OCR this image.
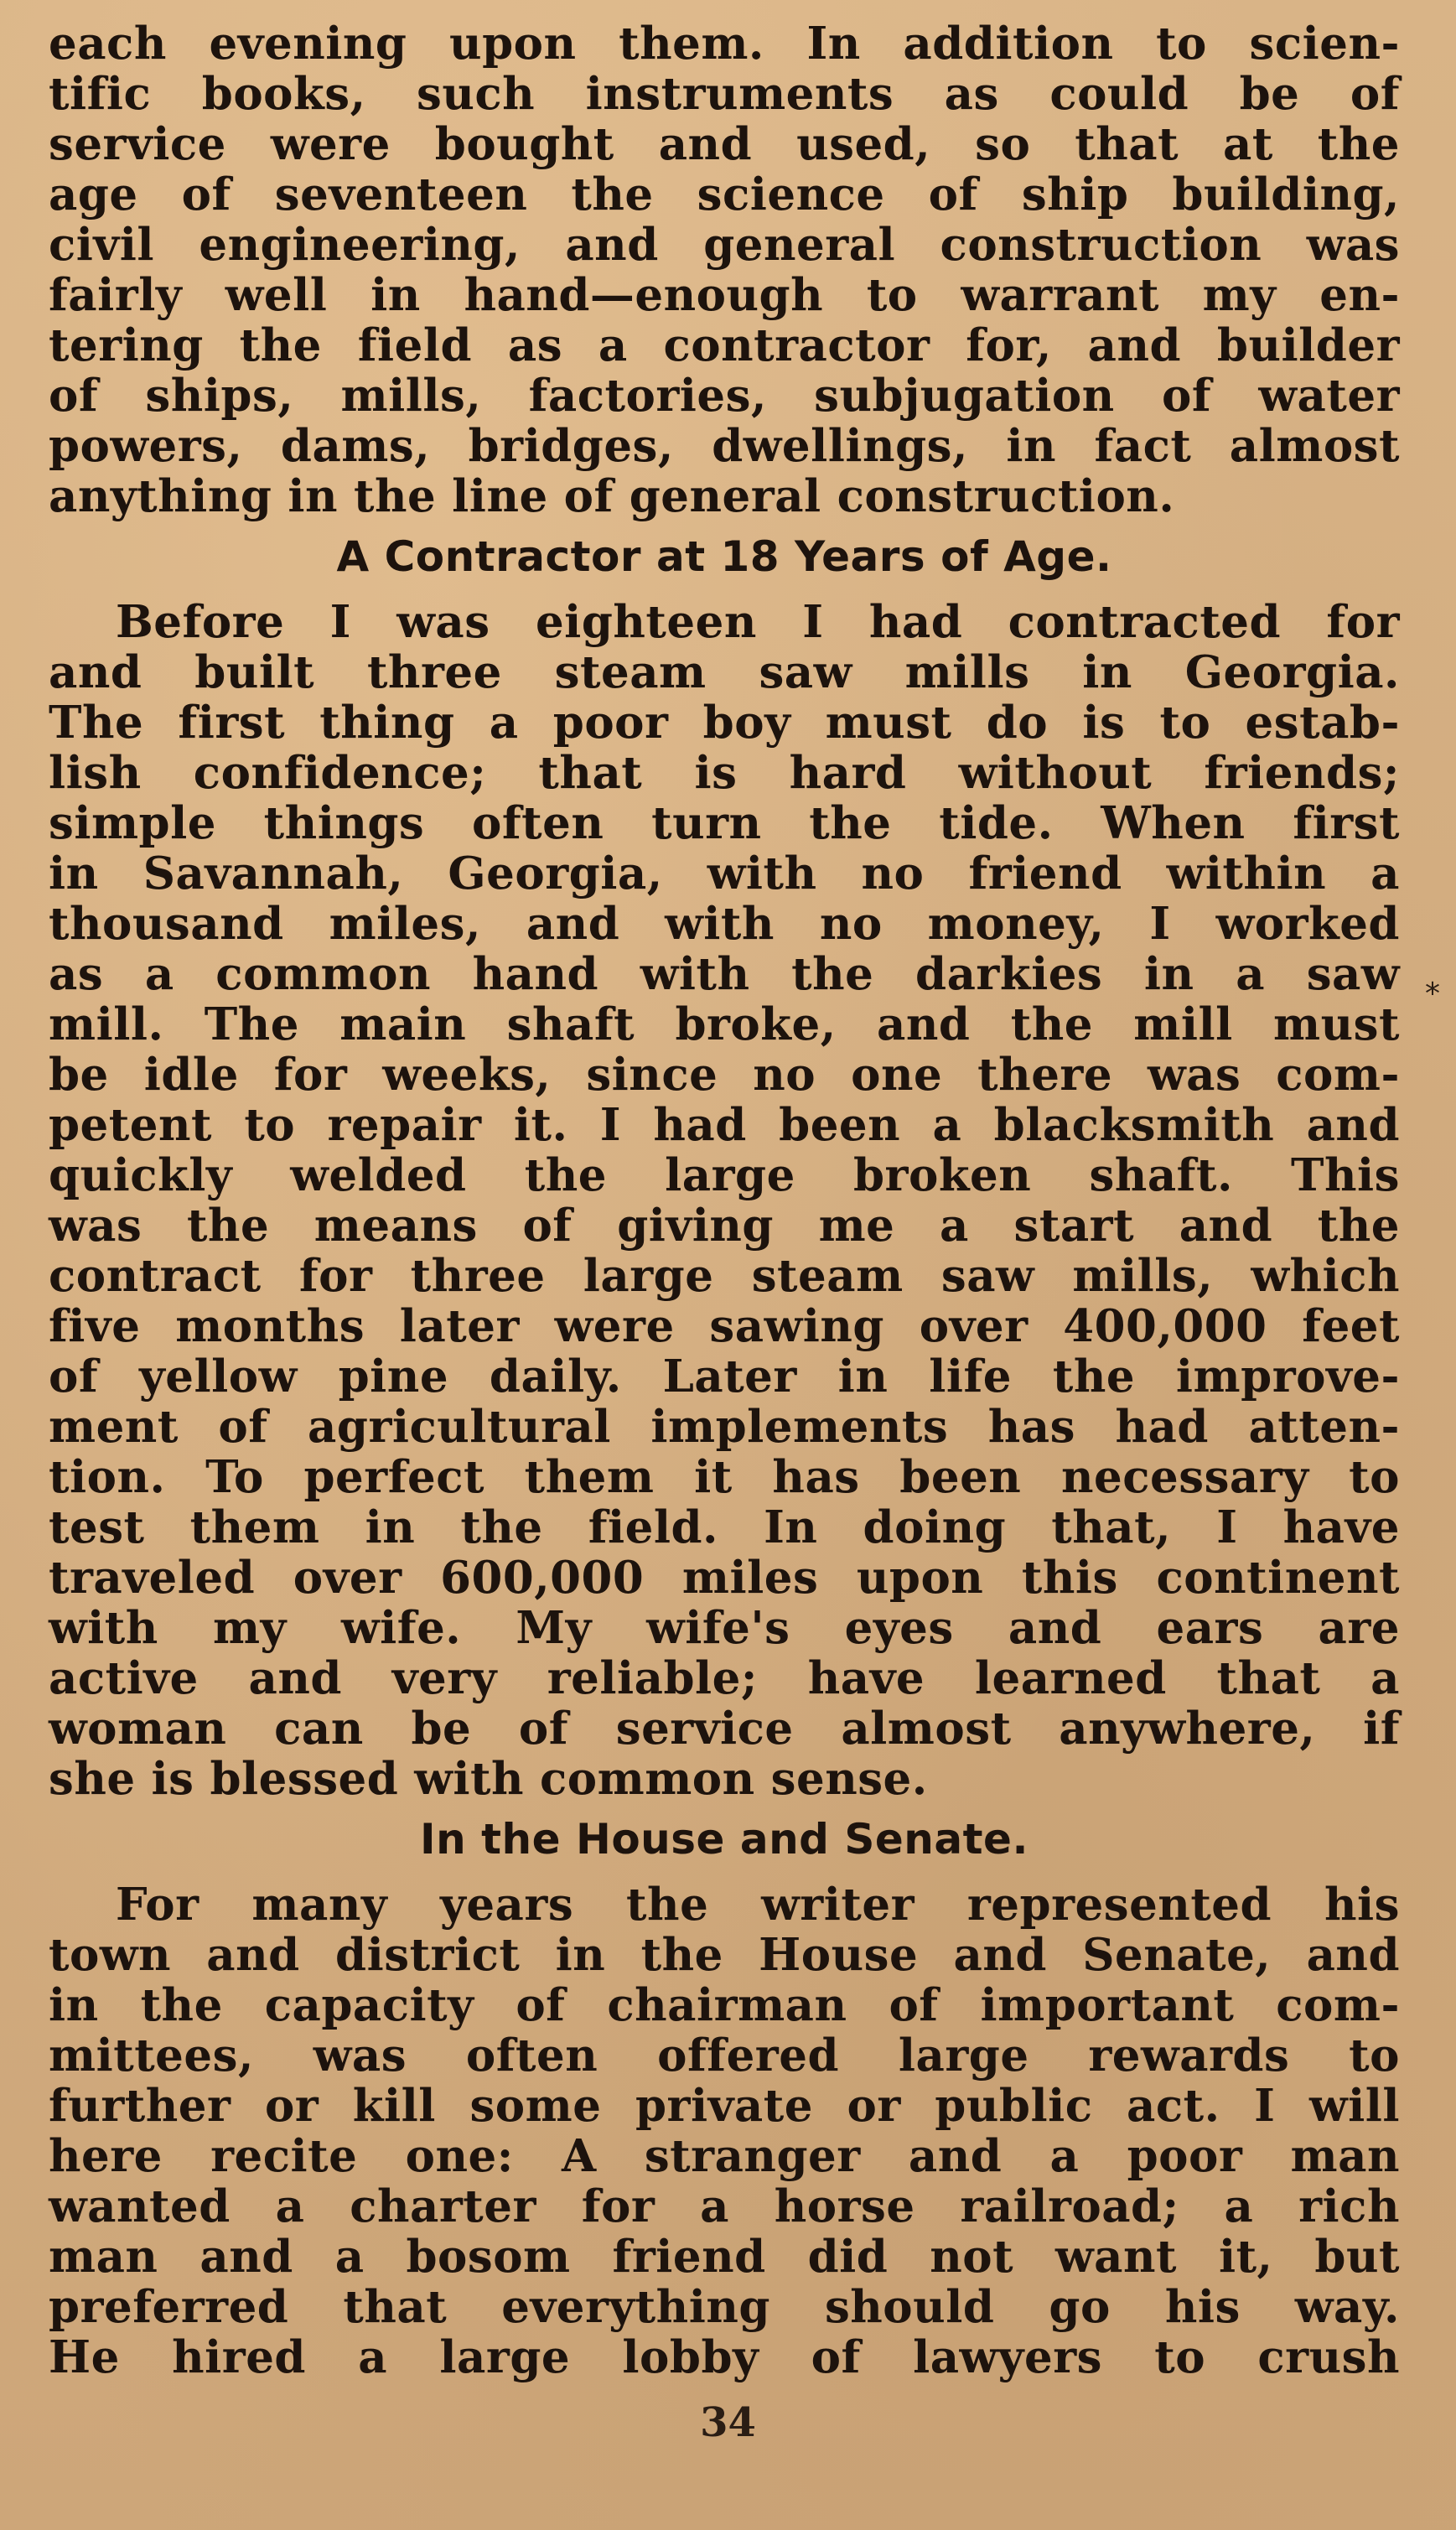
each evening upon them. In addition to scien-
tific books, such instruments as could be of
service were bought and used, so that at the
age of seventeen the science of ship building,
civil engineering, and general construction was
fairly well in hand—enough to warrant my en-
tering the field as a contractor for, and builder
of ships, mills, factories, subjugation of water
powers, dams, bridges, dwellings, in fact almost
anything in the line of general construction.
A Contractor at 18 Years of Age.
Before I was eighteen I had contracted for
and built three steam saw mills in Georgia.
The first thing a poor boy must do is to estab-
lish confidence; that is hard without friends;
simple things often turn the tide. When first
in Savannah, Georgia, with no friend within a
thousand miles, and with no money, I worked
as a common hand with the darkies in a saw
mill. The main shaft broke, and the mill must
be idle for weeks, since no one there was com-
petent to repair it. I had been a blacksmith and
quickly welded the large broken shaft. This
was the means of giving me a start and the
contract for three large steam saw mills, which
five months later were sawing over 400,000 feet
of yellow pine daily. Later in life the improve-
ment of agricultural implements has had atten-
tion. To perfect them it has been necessary to
test them in the field. In doing that, I have
traveled over 600,000 miles upon this continent
with my wife. My wife's eyes and ears are
active and very reliable; have learned that a
woman can be of service almost anywhere, if
she is blessed with common sense.
In the House and Senate.
For many years the writer represented his
town and district in the House and Senate, and
in the capacity of chairman of important com-
mittees, was often offered large rewards to
further or kill some private or public act. I will
here recite one: A stranger and a poor man
wanted a charter for a horse railroad; a rich
man and a bosom friend did not want it, but
preferred that everything should go his way.
He hired a large lobby of lawyers to crush
*
34
